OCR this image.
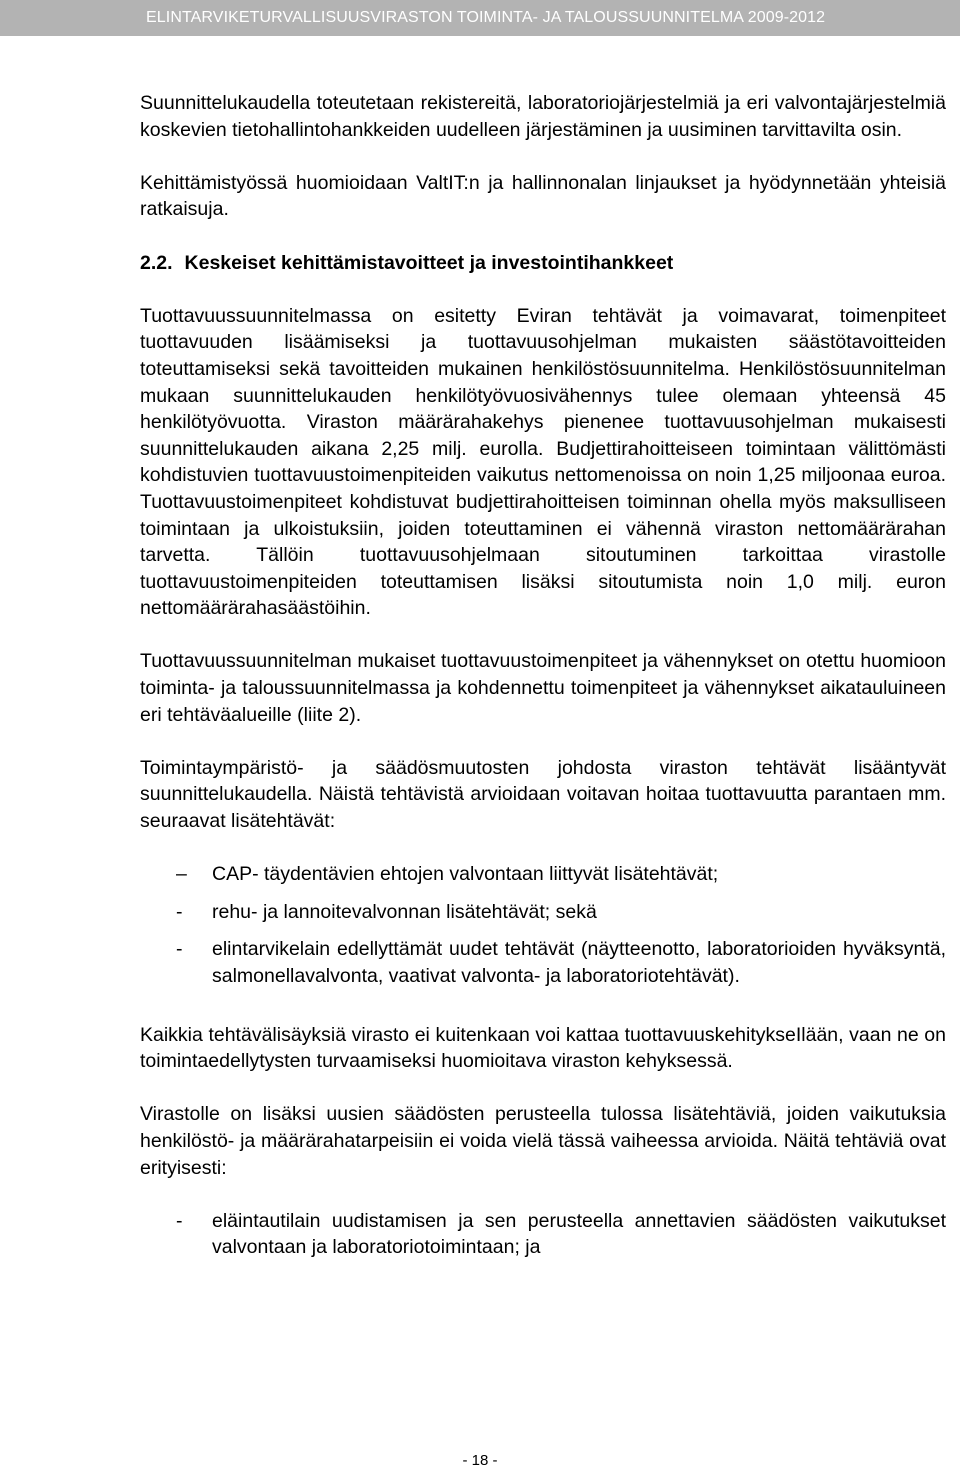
ELINTARVIKETURVALLISUUSVIRASTON TOIMINTA- JA TALOUSSUUNNITELMA 2009-2012

Suunnittelukaudella toteutetaan rekistereitä, laboratoriojärjestelmiä ja eri valvontajärjestelmiä koskevien tietohallintohankkeiden uudelleen järjestäminen ja uusiminen tarvittavilta osin.

Kehittämistyössä huomioidaan ValtIT:n ja hallinnonalan linjaukset ja hyödynnetään yhteisiä ratkaisuja.

2.2. Keskeiset kehittämistavoitteet ja investointihankkeet

Tuottavuussuunnitelmassa on esitetty Eviran tehtävät ja voimavarat, toimenpiteet tuottavuuden lisäämiseksi ja tuottavuusohjelman mukaisten säästötavoitteiden toteuttamiseksi sekä tavoitteiden mukainen henkilöstösuunnitelma. Henkilöstösuunnitelman mukaan suunnittelukauden henkilötyövuosivähennys tulee olemaan yhteensä 45 henkilötyövuotta. Viraston määrärahakehys pienenee tuottavuusohjelman mukaisesti suunnittelukauden aikana 2,25 milj. eurolla. Budjettirahoitteiseen toimintaan välittömästi kohdistuvien tuottavuustoimenpiteiden vaikutus nettomenoissa on noin 1,25 miljoonaa euroa. Tuottavuustoimenpiteet kohdistuvat budjettirahoitteisen toiminnan ohella myös maksulliseen toimintaan ja ulkoistuksiin, joiden toteuttaminen ei vähennä viraston nettomäärärahan tarvetta. Tällöin tuottavuusohjelmaan sitoutuminen tarkoittaa virastolle tuottavuustoimenpiteiden toteuttamisen lisäksi sitoutumista noin 1,0 milj. euron nettomäärärahasäästöihin.

Tuottavuussuunnitelman mukaiset tuottavuustoimenpiteet ja vähennykset on otettu huomioon toiminta- ja taloussuunnitelmassa ja kohdennettu toimenpiteet ja vähennykset aikatauluineen eri tehtäväalueille (liite 2).

Toimintaympäristö- ja säädösmuutosten johdosta viraston tehtävät lisääntyvät suunnittelukaudella. Näistä tehtävistä arvioidaan voitavan hoitaa tuottavuutta parantaen mm. seuraavat lisätehtävät:

– CAP- täydentävien ehtojen valvontaan liittyvät lisätehtävät;
- rehu- ja lannoitevalvonnan lisätehtävät; sekä
- elintarvikelain edellyttämät uudet tehtävät (näytteenotto, laboratorioiden hyväksyntä, salmonellavalvonta, vaativat valvonta- ja laboratoriotehtävät).

Kaikkia tehtävälisäyksiä virasto ei kuitenkaan voi kattaa tuottavuuskehitykseIlään, vaan ne on toimintaedellytysten turvaamiseksi huomioitava viraston kehyksessä.

Virastolle on lisäksi uusien säädösten perusteella tulossa lisätehtäviä, joiden vaikutuksia henkilöstö- ja määrärahatarpeisiin ei voida vielä tässä vaiheessa arvioida. Näitä tehtäviä ovat erityisesti:

- eläintautilain uudistamisen ja sen perusteella annettavien säädösten vaikutukset valvontaan ja laboratoriotoimintaan; ja
- 18 -
